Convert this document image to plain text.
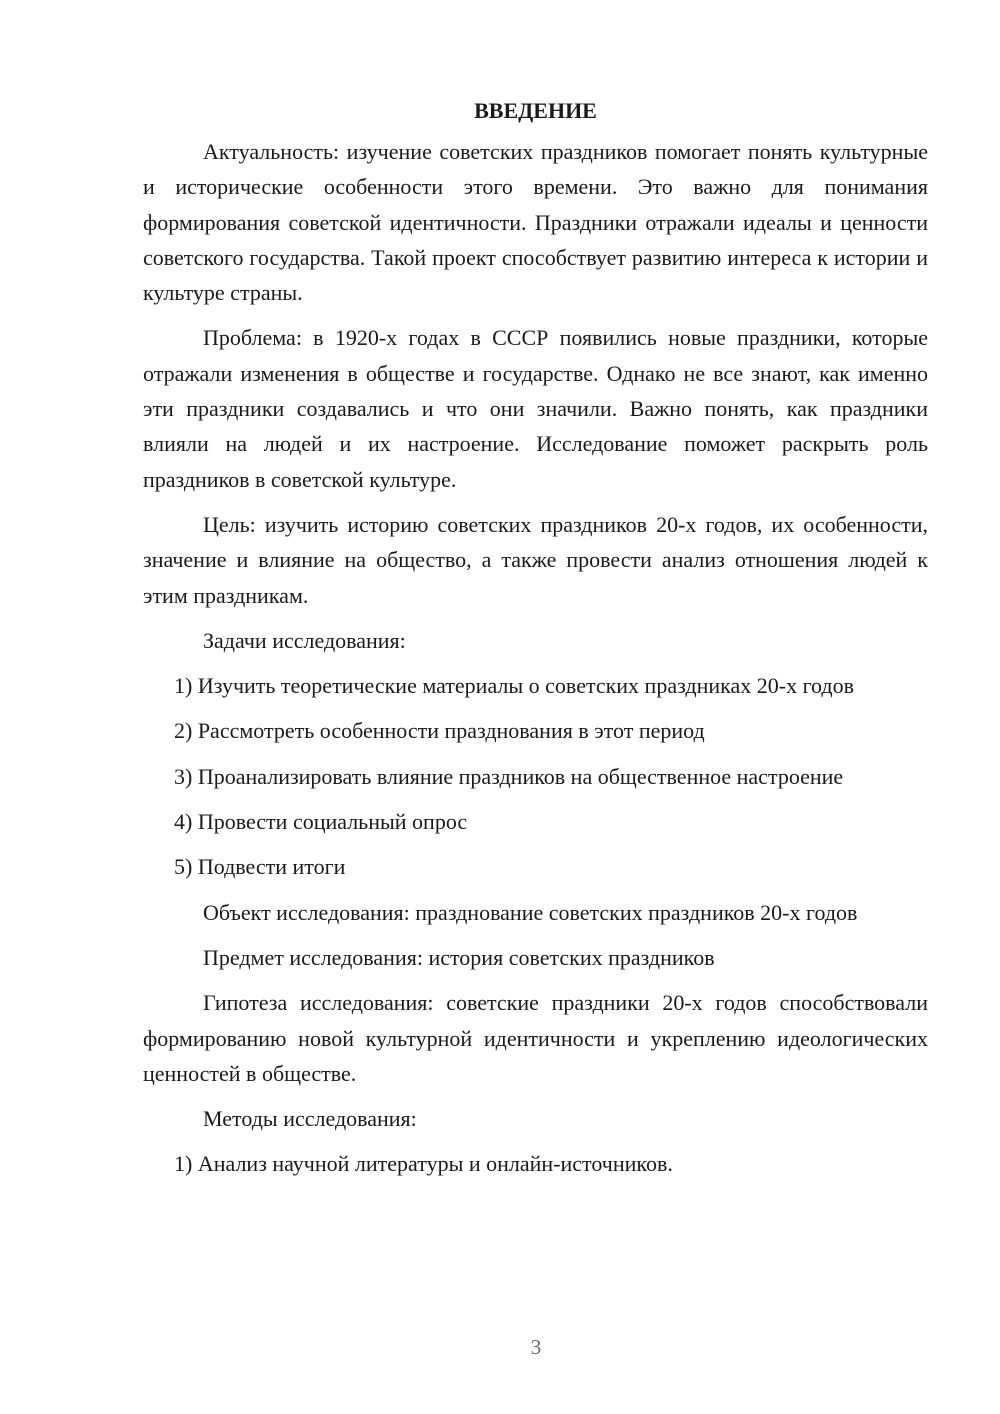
ВВЕДЕНИЕ

Актуальность: изучение советских праздников помогает понять культурные и исторические особенности этого времени. Это важно для понимания формирования советской идентичности. Праздники отражали идеалы и ценности советского государства. Такой проект способствует развитию интереса к истории и культуре страны.

Проблема: в 1920-х годах в СССР появились новые праздники, которые отражали изменения в обществе и государстве. Однако не все знают, как именно эти праздники создавались и что они значили. Важно понять, как праздники влияли на людей и их настроение. Исследование поможет раскрыть роль праздников в советской культуре.

Цель: изучить историю советских праздников 20-х годов, их особенности, значение и влияние на общество, а также провести анализ отношения людей к этим праздникам.

Задачи исследования:

1) Изучить теоретические материалы о советских праздниках 20-х годов

2) Рассмотреть особенности празднования в этот период

3) Проанализировать влияние праздников на общественное настроение

4) Провести социальный опрос

5) Подвести итоги

Объект исследования: празднование советских праздников 20-х годов

Предмет исследования: история советских праздников

Гипотеза исследования: советские праздники 20-х годов способствовали формированию новой культурной идентичности и укреплению идеологических ценностей в обществе.

Методы исследования:

1) Анализ научной литературы и онлайн-источников.

3
